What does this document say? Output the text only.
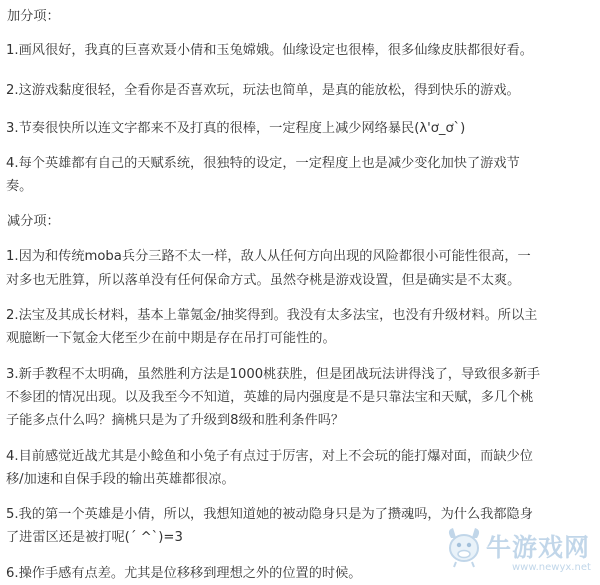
加分项：
1.画风很好，我真的巨喜欢聂小倩和玉兔嫦娥。仙缘设定也很棒，很多仙缘皮肤都很好看。
2.这游戏黏度很轻，全看你是否喜欢玩，玩法也简单，是真的能放松，得到快乐的游戏。
3.节奏很快所以连文字都来不及打真的很棒，一定程度上减少网络暴民(λ'ơ_ơ`)
4.每个英雄都有自己的天赋系统，很独特的设定，一定程度上也是减少变化加快了游戏节
奏。
减分项：
1.因为和传统moba兵分三路不太一样，敌人从任何方向出现的风险都很小可能性很高，一
对多也无胜算，所以落单没有任何保命方式。虽然夺桃是游戏设置，但是确实是不太爽。
2.法宝及其成长材料，基本上靠氪金/抽奖得到。我没有太多法宝，也没有升级材料。所以主
观臆断一下氪金大佬至少在前中期是存在吊打可能性的。
3.新手教程不太明确，虽然胜利方法是1000桃获胜，但是团战玩法讲得浅了，导致很多新手
不参团的情况出现。以及我至今不知道，英雄的局内强度是不是只靠法宝和天赋，多几个桃
子能多点什么吗？摘桃只是为了升级到8级和胜利条件吗？
4.目前感觉近战尤其是小鲶鱼和小兔子有点过于厉害，对上不会玩的能打爆对面，而缺少位
移/加速和自保手段的输出英雄都很凉。
5.我的第一个英雄是小倩，所以，我想知道她的被动隐身只是为了攒魂吗，为什么我都隐身
了进雷区还是被打呢(´ ^`)=3
6.操作手感有点差。尤其是位移移到理想之外的位置的时候。
牛游戏网
www.newyx.net
